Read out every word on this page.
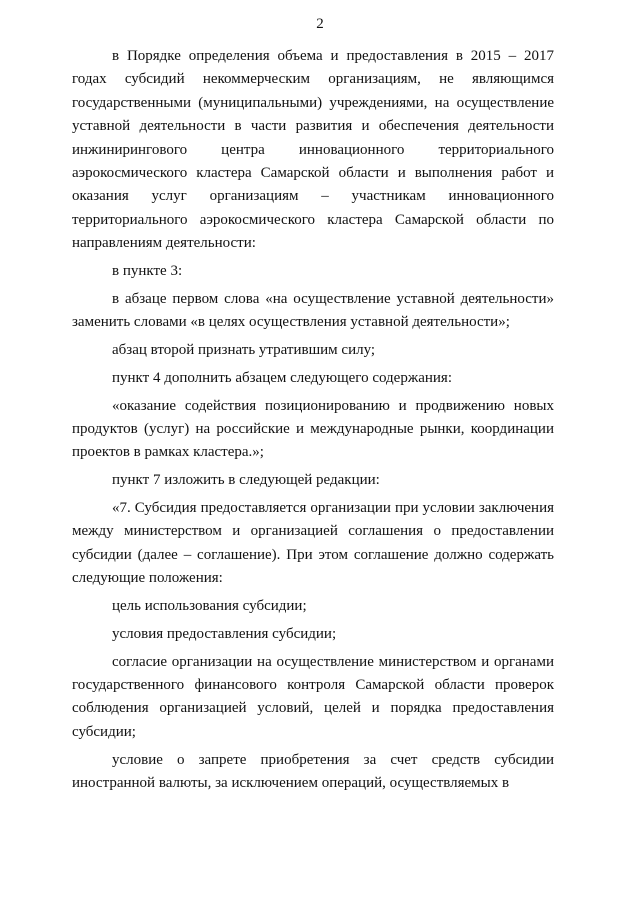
2

в Порядке определения объема и предоставления в 2015 – 2017 годах субсидий некоммерческим организациям, не являющимся государственными (муниципальными) учреждениями, на осуществление уставной деятельности в части развития и обеспечения деятельности инжинирингового центра инновационного территориального аэрокосмического кластера Самарской области и выполнения работ и оказания услуг организациям – участникам инновационного территориального аэрокосмического кластера Самарской области по направлениям деятельности:

в пункте 3:

в абзаце первом слова «на осуществление уставной деятельности» заменить словами «в целях осуществления уставной деятельности»;

абзац второй признать утратившим силу;

пункт 4 дополнить абзацем следующего содержания:

«оказание содействия позиционированию и продвижению новых продуктов (услуг) на российские и международные рынки, координации проектов в рамках кластера.»;

пункт 7 изложить в следующей редакции:

«7. Субсидия предоставляется организации при условии заключения между министерством и организацией соглашения о предоставлении субсидии (далее – соглашение). При этом соглашение должно содержать следующие положения:

цель использования субсидии;

условия предоставления субсидии;

согласие организации на осуществление министерством и органами государственного финансового контроля Самарской области проверок соблюдения организацией условий, целей и порядка предоставления субсидии;

условие о запрете приобретения за счет средств субсидии иностранной валюты, за исключением операций, осуществляемых в
